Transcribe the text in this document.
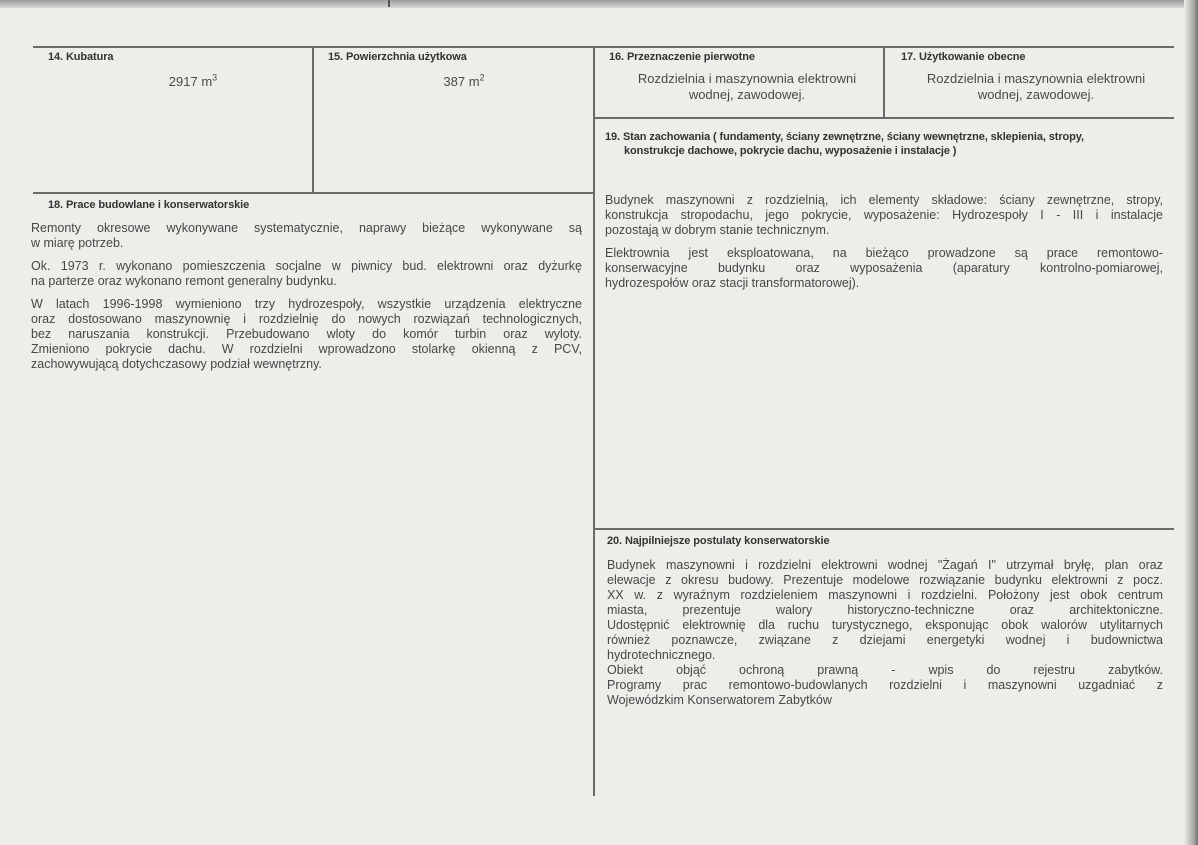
14. Kubatura
2917 $m^3$
15. Powierzchnia użytkowa
387 $m^2$
16. Przeznaczenie pierwotne
Rozdzielnia i maszynownia elektrowni
wodnej, zawodowej.
17. Użytkowanie obecne
Rozdzielnia i maszynownia elektrowni
wodnej, zawodowej.
18. Prace budowlane i konserwatorskie

Remonty okresowe wykonywane systematycznie, naprawy bieżące wykonywane są
w miarę potrzeb.

Ok. 1973 r. wykonano pomieszczenia socjalne w piwnicy bud. elektrowni oraz dyżurkę
na parterze oraz wykonano remont generalny budynku.

W latach 1996-1998 wymieniono trzy hydrozespoły, wszystkie urządzenia elektryczne
oraz dostosowano maszynownię i rozdzielnię do nowych rozwiązań technologicznych,
bez naruszania konstrukcji. Przebudowano wloty do komór turbin oraz wyloty.
Zmieniono pokrycie dachu. W rozdzielni wprowadzono stolarkę okienną z PCV,
zachowywującą dotychczasowy podział wewnętrzny.

19. Stan zachowania ( fundamenty, ściany zewnętrzne, ściany wewnętrzne, sklepienia, stropy,
konstrukcje dachowe, pokrycie dachu, wyposażenie i instalacje )

Budynek maszynowni z rozdzielnią, ich elementy składowe: ściany zewnętrzne, stropy,
konstrukcja stropodachu, jego pokrycie, wyposażenie: Hydrozespoły I - III i instalacje
pozostają w dobrym stanie technicznym.

Elektrownia jest eksploatowana, na bieżąco prowadzone są prace remontowo-
konserwacyjne budynku oraz wyposażenia (aparatury kontrolno-pomiarowej,
hydrozespołów oraz stacji transformatorowej).

20. Najpilniejsze postulaty konserwatorskie
Budynek maszynowni i rozdzielni elektrowni wodnej "Żagań I" utrzymał bryłę, plan oraz
elewacje z okresu budowy. Prezentuje modelowe rozwiązanie budynku elektrowni z pocz.
XX w. z wyraźnym rozdzieleniem maszynowni i rozdzielni. Położony jest obok centrum
miasta, prezentuje walory historyczno-techniczne oraz architektoniczne.
Udostępnić elektrownię dla ruchu turystycznego, eksponując obok walorów utylitarnych
również poznawcze, związane z dziejami energetyki wodnej i budownictwa
hydrotechnicznego.
Obiekt objąć ochroną prawną - wpis do rejestru zabytków.
Programy prac remontowo-budowlanych rozdzielni i maszynowni uzgadniać z
Wojewódzkim Konserwatorem Zabytków
